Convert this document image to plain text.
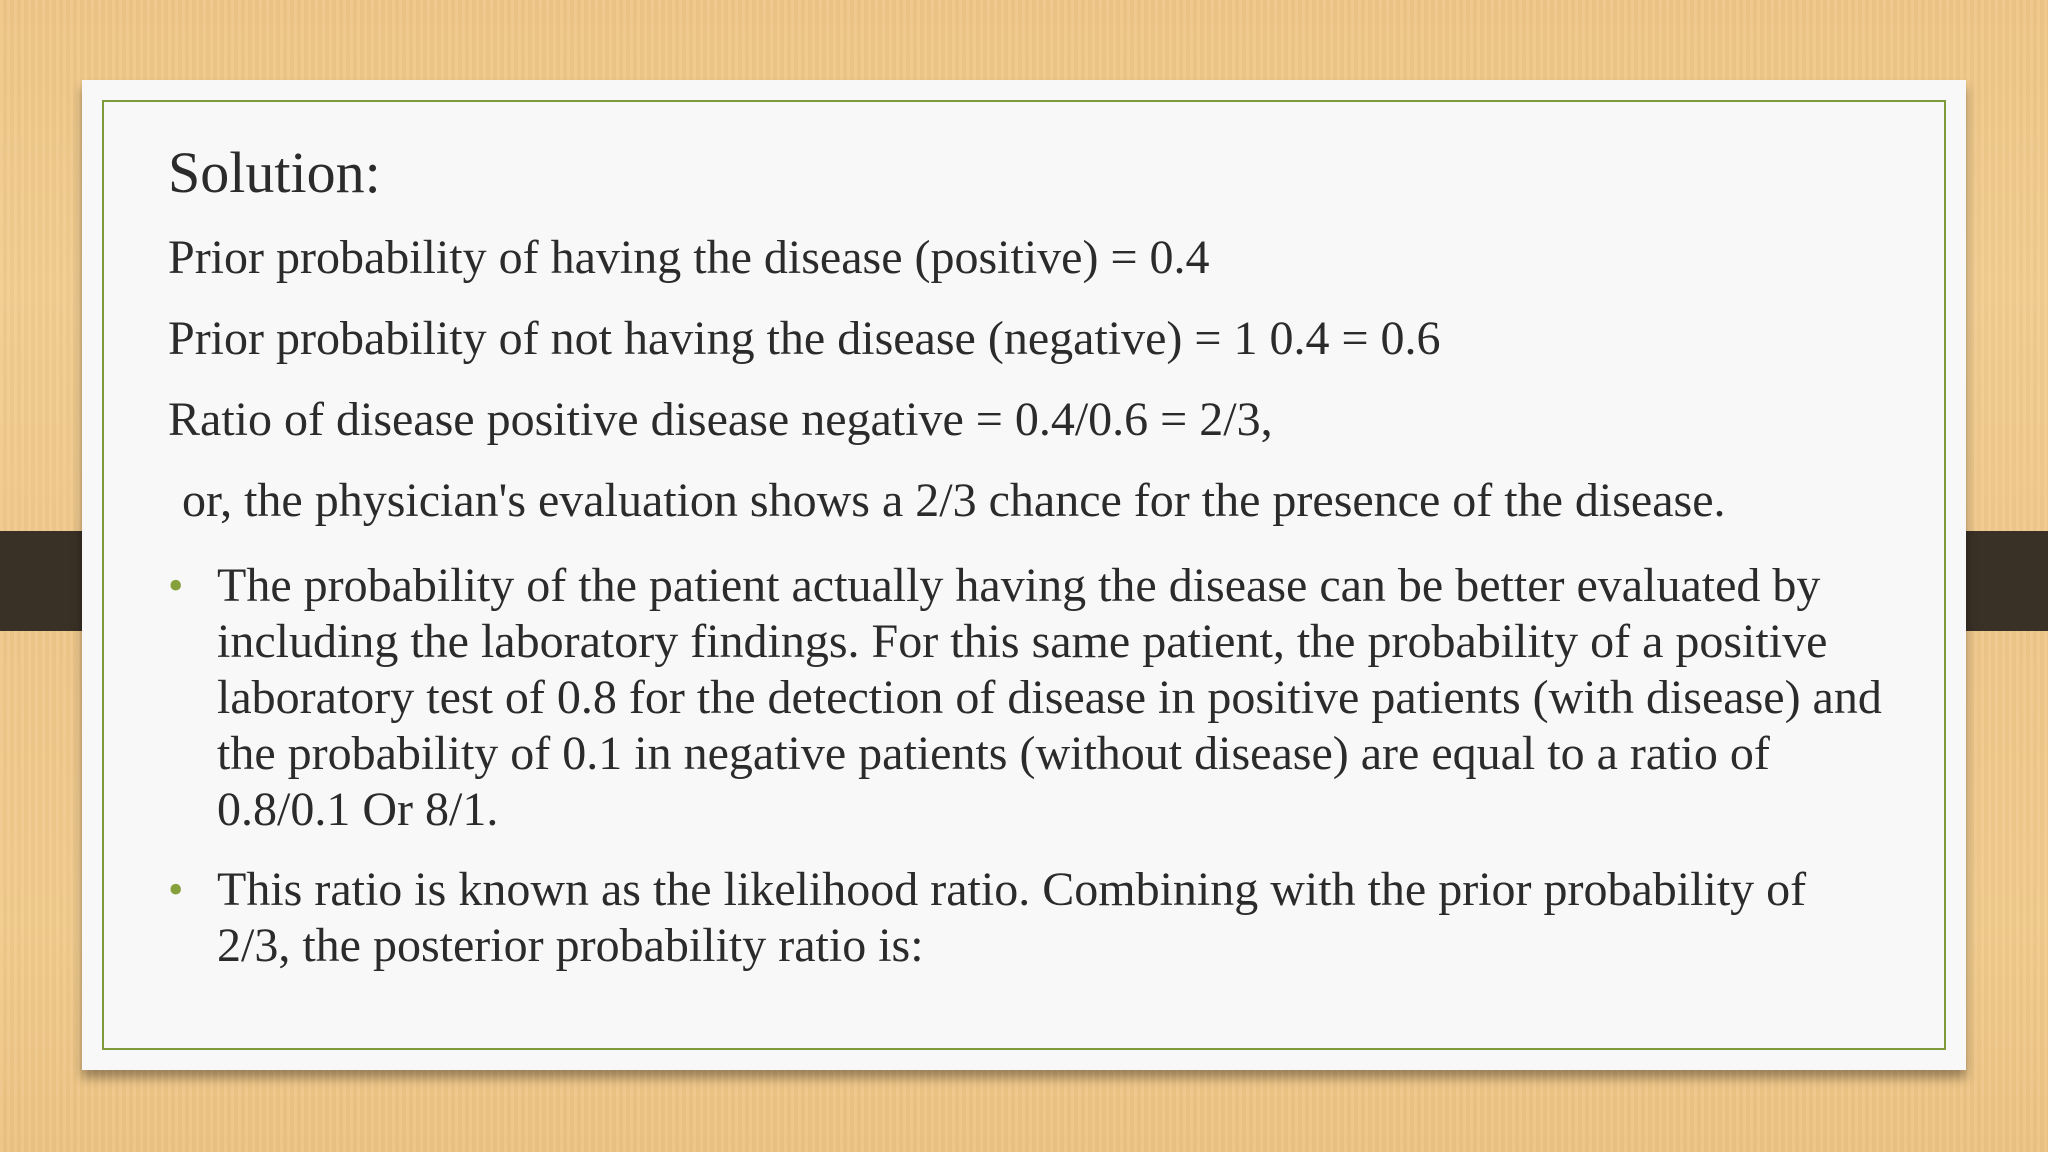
Solution:
Prior probability of having the disease (positive) = 0.4
Prior probability of not having the disease (negative) = 1 0.4 = 0.6
Ratio of disease positive disease negative = 0.4/0.6 = 2/3,
or, the physician's evaluation shows a 2/3 chance for the presence of the disease.
• The probability of the patient actually having the disease can be better evaluated by including the laboratory findings. For this same patient, the probability of a positive laboratory test of 0.8 for the detection of disease in positive patients (with disease) and the probability of 0.1 in negative patients (without disease) are equal to a ratio of 0.8/0.1 Or 8/1.
• This ratio is known as the likelihood ratio. Combining with the prior probability of 2/3, the posterior probability ratio is:
